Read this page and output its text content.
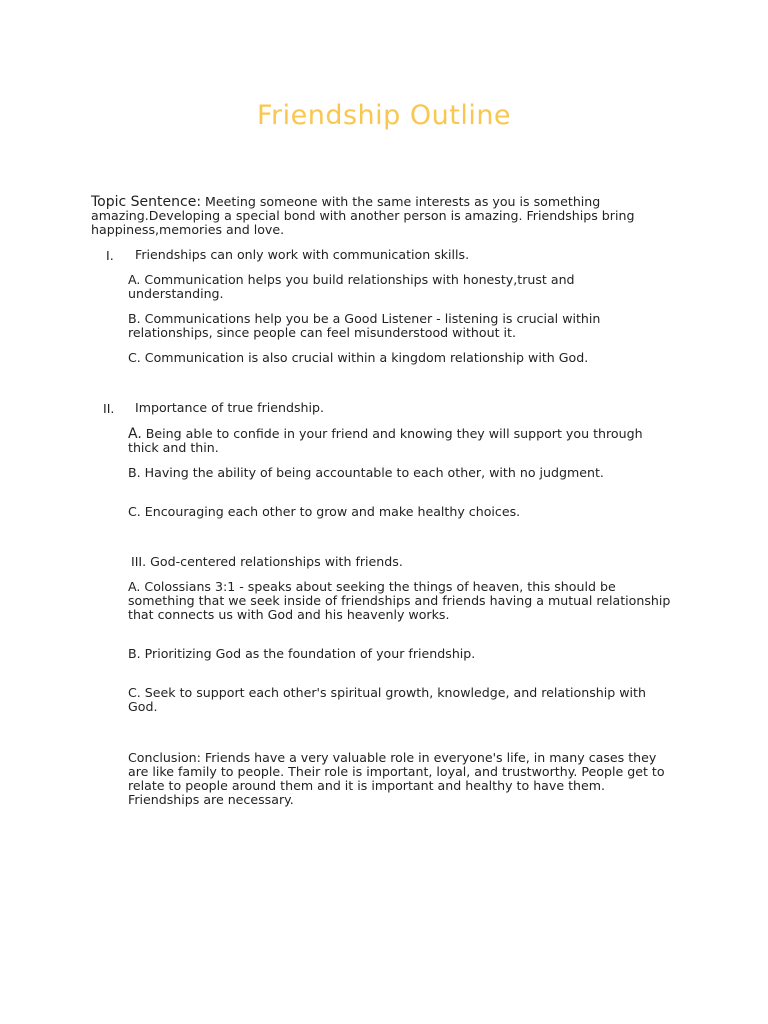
Friendship Outline
Topic Sentence: Meeting someone with the same interests as you is something amazing.Developing a special bond with another person is amazing. Friendships bring happiness,memories and love.
I. Friendships can only work with communication skills.
A. Communication helps you build relationships with honesty,trust and understanding.
B. Communications help you be a Good Listener - listening is crucial within relationships, since people can feel misunderstood without it.
C. Communication is also crucial within a kingdom relationship with God.
II. Importance of true friendship.
A. Being able to confide in your friend and knowing they will support you through thick and thin.
B. Having the ability of being accountable to each other, with no judgment.
C. Encouraging each other to grow and make healthy choices.
III. God-centered relationships with friends.
A. Colossians 3:1 - speaks about seeking the things of heaven, this should be something that we seek inside of friendships and friends having a mutual relationship that connects us with God and his heavenly works.
B. Prioritizing God as the foundation of your friendship.
C. Seek to support each other's spiritual growth, knowledge, and relationship with God.
Conclusion: Friends have a very valuable role in everyone's life, in many cases they are like family to people. Their role is important, loyal, and trustworthy. People get to relate to people around them and it is important and healthy to have them. Friendships are necessary.
